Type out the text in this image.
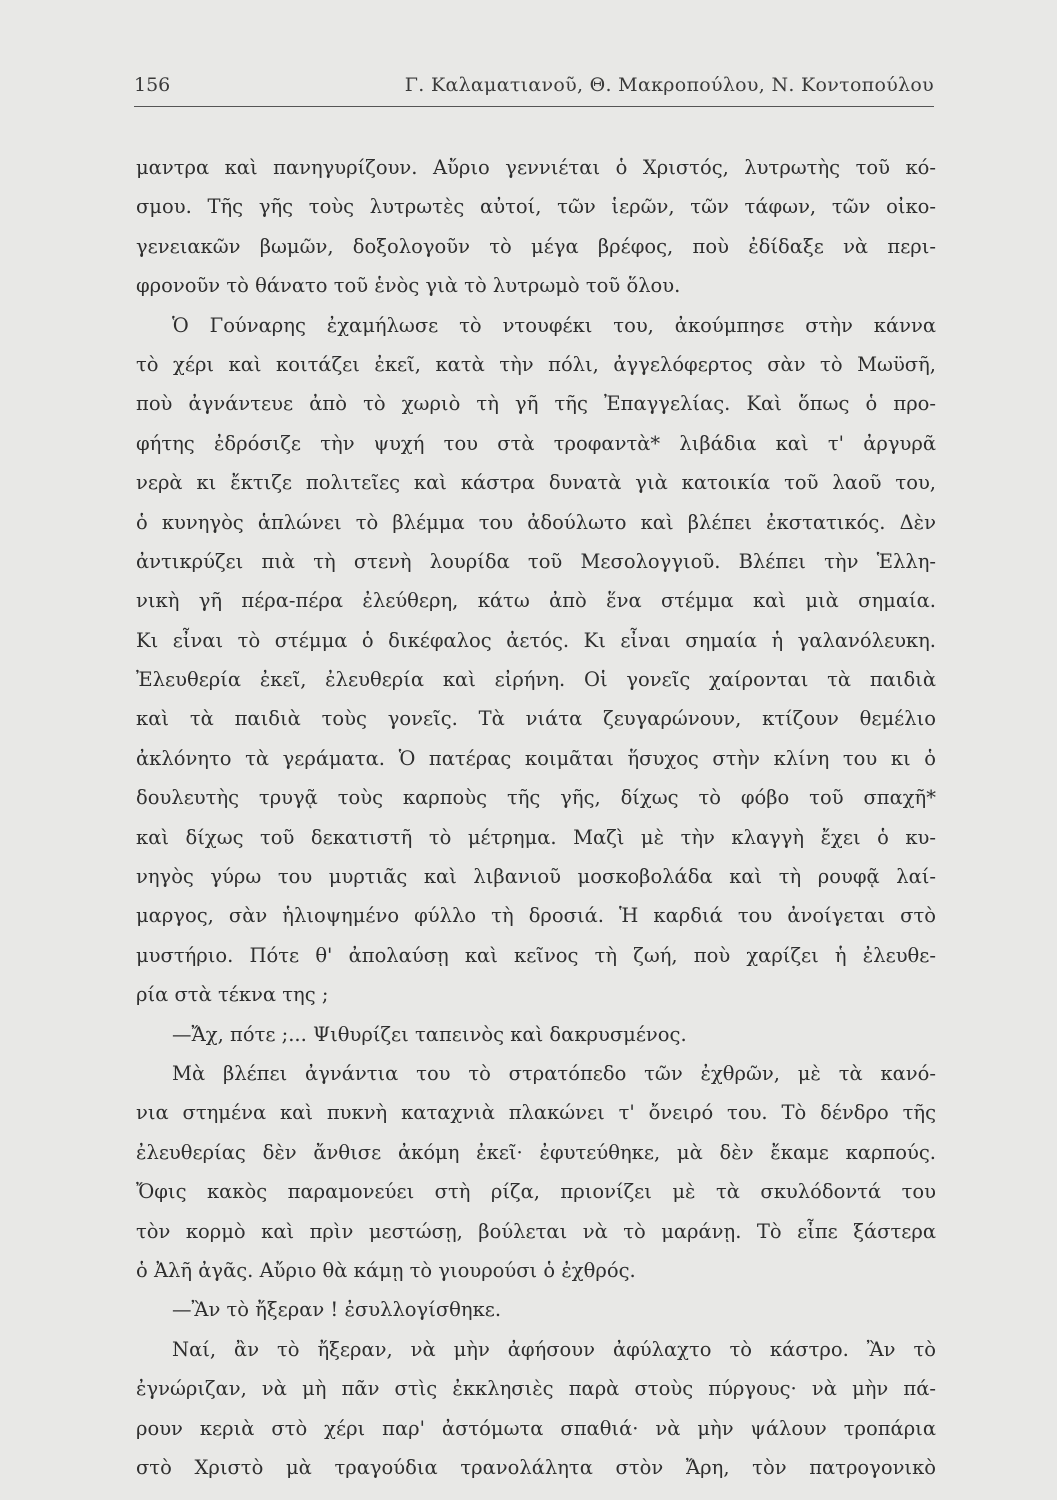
156	Γ. Καλαματιανοῦ, Θ. Μακροπούλου, Ν. Κοντοπούλου
μαντρα καὶ πανηγυρίζουν. Αὔριο γεννιέται ὁ Χριστός, λυτρωτὴς τοῦ κό-
σμου. Τῆς γῆς τοὺς λυτρωτὲς αὐτοί, τῶν ἱερῶν, τῶν τάφων, τῶν οἰκο-
γενειακῶν βωμῶν, δοξολογοῦν τὸ μέγα βρέφος, ποὺ ἐδίδαξε νὰ περι-
φρονοῦν τὸ θάνατο τοῦ ἑνὸς γιὰ τὸ λυτρωμὸ τοῦ ὅλου.
Ὁ Γούναρης ἐχαμήλωσε τὸ ντουφέκι του, ἀκούμπησε στὴν κάννα
τὸ χέρι καὶ κοιτάζει ἐκεῖ, κατὰ τὴν πόλι, ἀγγελόφερτος σὰν τὸ Μωϋσῆ,
ποὺ ἀγνάντευε ἀπὸ τὸ χωριὸ τὴ γῆ τῆς Ἐπαγγελίας. Καὶ ὅπως ὁ προ-
φήτης ἐδρόσιζε τὴν ψυχή του στὰ τροφαντὰ* λιβάδια καὶ τ' ἀργυρᾶ
νερὰ κι ἔκτιζε πολιτεῖες καὶ κάστρα δυνατὰ γιὰ κατοικία τοῦ λαοῦ του,
ὁ κυνηγὸς ἁπλώνει τὸ βλέμμα του ἀδούλωτο καὶ βλέπει ἐκστατικός. Δὲν
ἀντικρύζει πιὰ τὴ στενὴ λουρίδα τοῦ Μεσολογγιοῦ. Βλέπει τὴν Ἑλλη-
νικὴ γῆ πέρα-πέρα ἐλεύθερη, κάτω ἀπὸ ἕνα στέμμα καὶ μιὰ σημαία.
Κι εἶναι τὸ στέμμα ὁ δικέφαλος ἀετός. Κι εἶναι σημαία ἡ γαλανόλευκη.
Ἐλευθερία ἐκεῖ, ἐλευθερία καὶ εἰρήνη. Οἱ γονεῖς χαίρονται τὰ παιδιὰ
καὶ τὰ παιδιὰ τοὺς γονεῖς. Τὰ νιάτα ζευγαρώνουν, κτίζουν θεμέλιο
ἀκλόνητο τὰ γεράματα. Ὁ πατέρας κοιμᾶται ἥσυχος στὴν κλίνη του κι ὁ
δουλευτὴς τρυγᾷ τοὺς καρποὺς τῆς γῆς, δίχως τὸ φόβο τοῦ σπαχῆ*
καὶ δίχως τοῦ δεκατιστῆ τὸ μέτρημα. Μαζὶ μὲ τὴν κλαγγὴ ἔχει ὁ κυ-
νηγὸς γύρω του μυρτιᾶς καὶ λιβανιοῦ μοσκοβολάδα καὶ τὴ ρουφᾷ λαί-
μαργος, σὰν ἡλιοψημένο φύλλο τὴ δροσιά. Ἡ καρδιά του ἀνοίγεται στὸ
μυστήριο. Πότε θ' ἀπολαύσῃ καὶ κεῖνος τὴ ζωή, ποὺ χαρίζει ἡ ἐλευθε-
ρία στὰ τέκνα της ;
—Ἄχ, πότε ;... Ψιθυρίζει ταπεινὸς καὶ δακρυσμένος.
Μὰ βλέπει ἀγνάντια του τὸ στρατόπεδο τῶν ἐχθρῶν, μὲ τὰ κανό-
νια στημένα καὶ πυκνὴ καταχνιὰ πλακώνει τ' ὄνειρό του. Τὸ δένδρο τῆς
ἐλευθερίας δὲν ἄνθισε ἀκόμη ἐκεῖ· ἐφυτεύθηκε, μὰ δὲν ἔκαμε καρπούς.
Ὄφις κακὸς παραμονεύει στὴ ρίζα, πριονίζει μὲ τὰ σκυλόδοντά του
τὸν κορμὸ καὶ πρὶν μεστώσῃ, βούλεται νὰ τὸ μαράνῃ. Τὸ εἶπε ξάστερα
ὁ Ἀλῆ ἀγᾶς. Αὔριο θὰ κάμῃ τὸ γιουρούσι ὁ ἐχθρός.
—Ἂν τὸ ἤξεραν ! ἐσυλλογίσθηκε.
Ναί, ἂν τὸ ἤξεραν, νὰ μὴν ἀφήσουν ἀφύλαχτο τὸ κάστρο. Ἂν τὸ
ἐγνώριζαν, νὰ μὴ πᾶν στὶς ἐκκλησιὲς παρὰ στοὺς πύργους· νὰ μὴν πά-
ρουν κεριὰ στὸ χέρι παρ' ἀστόμωτα σπαθιά· νὰ μὴν ψάλουν τροπάρια
στὸ Χριστὸ μὰ τραγούδια τρανολάλητα στὸν Ἄρη, τὸν πατρογονικὸ
